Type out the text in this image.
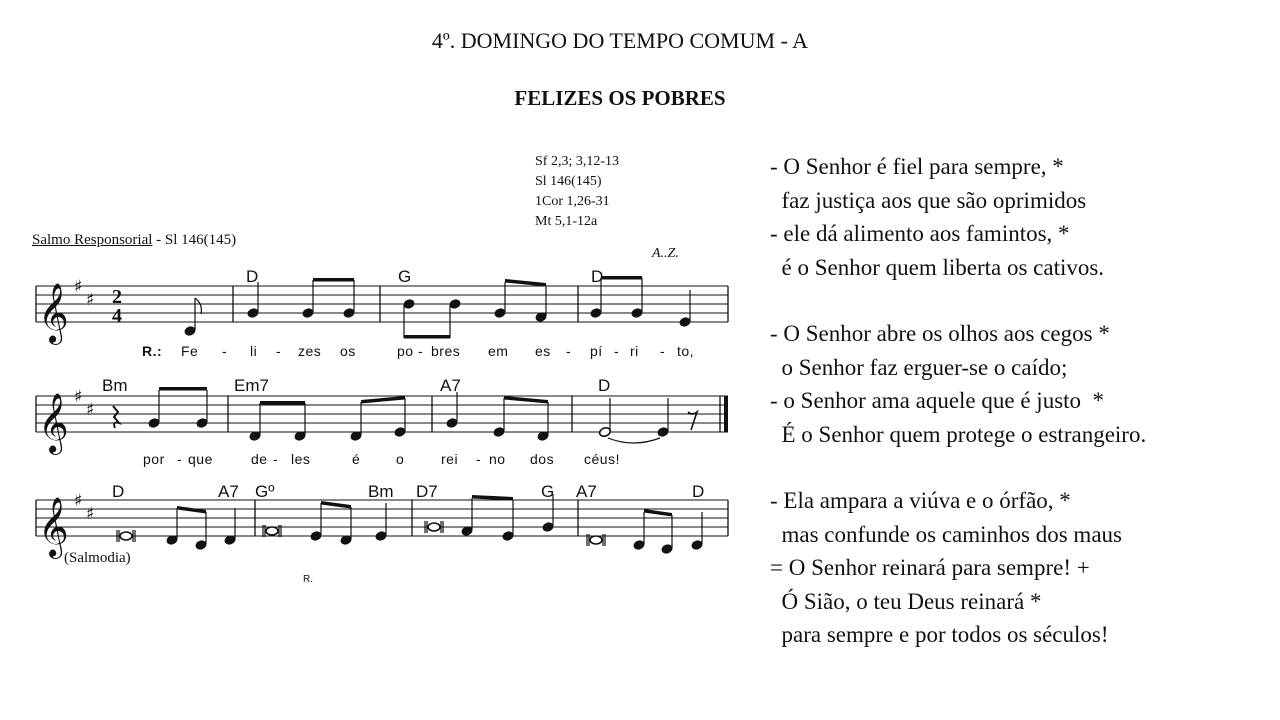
4º. DOMINGO DO TEMPO COMUM - A
FELIZES OS POBRES
Sf 2,3; 3,12-13
Sl 146(145)
1Cor 1,26-31
Mt 5,1-12a
Salmo Responsorial - Sl 146(145)
A..Z.
𝄞
𝄞
𝄞
♯
♯
♯
♯
♯
♯
2
4
D	G	D
Bm	Em7	A7	D
D	A7 Gº	Bm D7	G A7	D
R.: Fe - li - zes os	po - bres em es - pí - ri - to,
por - que	de - les	é	o	rei - no dos céus!
(Salmodia)
R.
- O Senhor é fiel para sempre, *
faz justiça aos que são oprimidos
- ele dá alimento aos famintos, *
é o Senhor quem liberta os cativos.
- O Senhor abre os olhos aos cegos *
o Senhor faz erguer-se o caído;
- o Senhor ama aquele que é justo  *
É o Senhor quem protege o estrangeiro.
- Ela ampara a viúva e o órfão, *
mas confunde os caminhos dos maus
= O Senhor reinará para sempre! +
Ó Sião, o teu Deus reinará *
para sempre e por todos os séculos!
